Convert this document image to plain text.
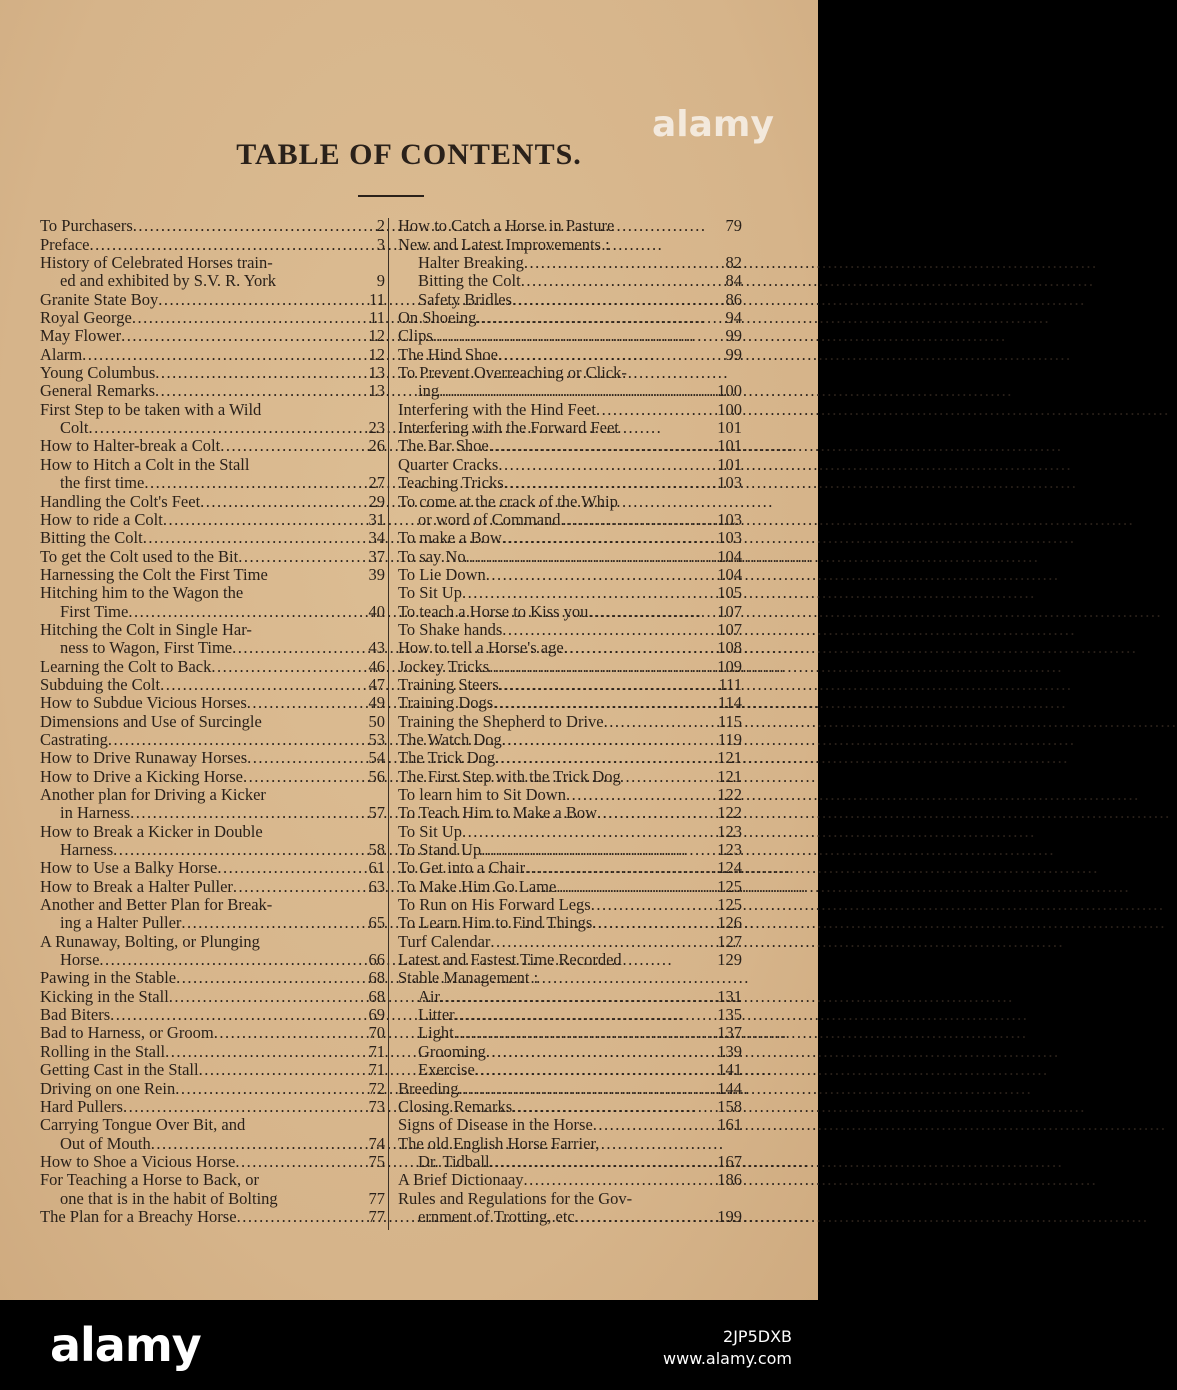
alamy
TABLE OF CONTENTS.
To Purchasers .....	2
Preface .....	3
History of Celebrated Horses train-
ed and exhibited by S.V. R. York	9
Granite State Boy .....	11
Royal George .....	11
May Flower .....	12
Alarm .....	12
Young Columbus .....	13
General Remarks .....	13
First Step to be taken with a Wild
Colt .....	23
How to Halter-break a Colt .....	26
How to Hitch a Colt in the Stall
the first time .....	27
Handling the Colt's Feet .....	29
How to ride a Colt .....	31
Bitting the Colt .....	34
To get the Colt used to the Bit .....	37
Harnessing the Colt the First Time	39
Hitching him to the Wagon the
First Time .....	40
Hitching the Colt in Single Har-
ness to Wagon, First Time .....	43
Learning the Colt to Back .....	46
Subduing the Colt .....	47
How to Subdue Vicious Horses .....	49
Dimensions and Use of Surcingle	50
Castrating .....	53
How to Drive Runaway Horses .....	54
How to Drive a Kicking Horse .....	56
Another plan for Driving a Kicker
in Harness .....	57
How to Break a Kicker in Double
Harness .....	58
How to Use a Balky Horse .....	61
How to Break a Halter Puller .....	63
Another and Better Plan for Break-
ing a Halter Puller .....	65
A Runaway, Bolting, or Plunging
Horse .....	66
Pawing in the Stable .....	68
Kicking in the Stall .....	68
Bad Biters .....	69
Bad to Harness, or Groom .....	70
Rolling in the Stall .....	71
Getting Cast in the Stall .....	71
Driving on one Rein .....	72
Hard Pullers .....	73
Carrying Tongue Over Bit, and
Out of Mouth .....	74
How to Shoe a Vicious Horse .....	75
For Teaching a Horse to Back, or
one that is in the habit of Bolting	77
The Plan for a Breachy Horse .....	77
How to Catch a Horse in Pasture	79
New and Latest Improvements :
Halter Breaking .....	82
Bitting the Colt .....	84
Safety Bridles .....	86
On Shoeing .....	94
Clips .....	99
The Hind Shoe .....	99
To Prevent Overreaching or Click-
ing .....	100
Interfering with the Hind Feet .....	100
Interfering with the Forward Feet	101
The Bar Shoe .....	101
Quarter Cracks .....	101
Teaching Tricks .....	103
To come at the crack of the Whip
or word of Command .....	103
To make a Bow .....	103
To say No .....	104
To Lie Down .....	104
To Sit Up .....	105
To teach a Horse to Kiss you .....	107
To Shake hands .....	107
How to tell a Horse's age .....	108
Jockey Tricks .....	109
Training Steers .....	111
Training Dogs .....	114
Training the Shepherd to Drive .....	115
The Watch Dog .....	119
The Trick Dog .....	121
The First Step with the Trick Dog	121
To learn him to Sit Down .....	122
To Teach Him to Make a Bow .....	122
To Sit Up .....	123
To Stand Up .....	123
To Get into a Chair .....	124
To Make Him Go Lame .....	125
To Run on His Forward Legs .....	125
To Learn Him to Find Things .....	126
Turf Calendar .....	127
Latest and Fastest Time Recorded	129
Stable Management :
Air .....	131
Litter .....	135
Light .....	137
Grooming .....	139
Exercise .....	141
Breeding .....	144
Closing Remarks .....	158
Signs of Disease in the Horse .....	161
The old English Horse Farrier,
Dr. Tidball .....	167
A Brief Dictionaay .....	186
Rules and Regulations for the Gov-
ernment of Trotting, etc .....	199
alamy	2JP5DXB
www.alamy.com
